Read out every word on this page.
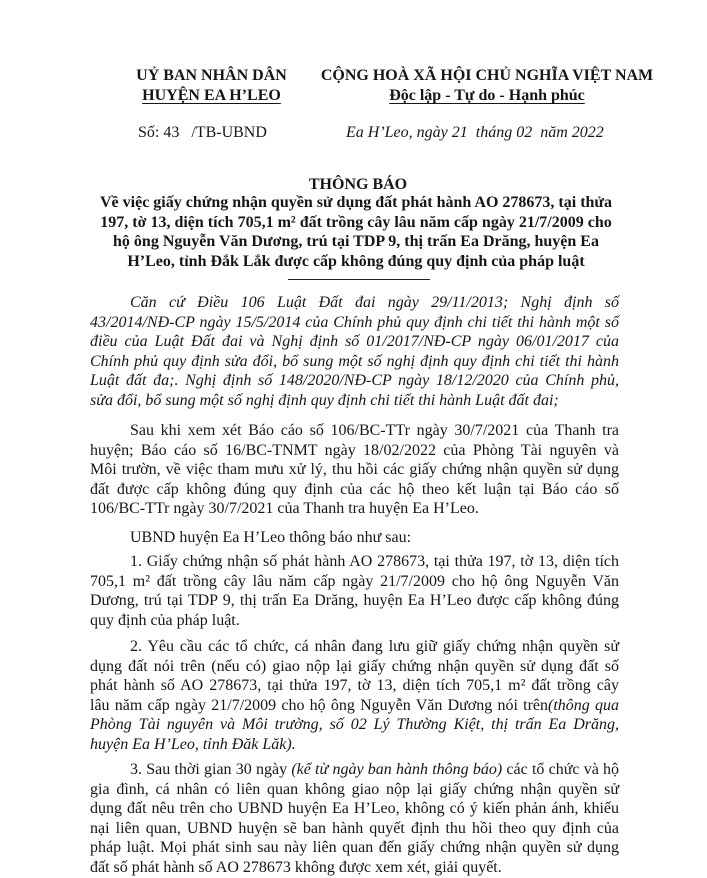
UỶ BAN NHÂN DÂN
HUYỆN EA H’LEO
CỘNG HOÀ XÃ HỘI CHỦ NGHĨA VIỆT NAM
Độc lập - Tự do - Hạnh phúc
Số: 43   /TB-UBND	Ea H’Leo, ngày 21  tháng 02  năm 2022
THÔNG BÁO
Về việc giấy chứng nhận quyền sử dụng đất phát hành AO 278673, tại thửa
197, tờ 13, diện tích 705,1 m² đất trồng cây lâu năm cấp ngày 21/7/2009 cho
hộ ông Nguyễn Văn Dương, trú tại TDP 9, thị trấn Ea Drăng, huyện Ea
H’Leo, tỉnh Đắk Lắk được cấp không đúng quy định của pháp luật
Căn cứ Điều 106 Luật Đất đai ngày 29/11/2013; Nghị định số
43/2014/NĐ-CP ngày 15/5/2014 của Chính phủ quy định chi tiết thi hành một số
điều của Luật Đất đai và Nghị định số 01/2017/NĐ-CP ngày 06/01/2017 của
Chính phủ quy định sửa đổi, bổ sung một số nghị định quy định chi tiết thi hành
Luật đất đa;. Nghị định số 148/2020/NĐ-CP ngày 18/12/2020 của Chính phủ,
sửa đổi, bổ sung một số nghị định quy định chi tiết thi hành Luật đất đai;
Sau khi xem xét Báo cáo số 106/BC-TTr ngày 30/7/2021 của Thanh tra
huyện; Báo cáo số 16/BC-TNMT ngày 18/02/2022 của Phòng Tài nguyên và
Môi trườn, về việc tham mưu xử lý, thu hồi các giấy chứng nhận quyền sử dụng
đất được cấp không đúng quy định của các hộ theo kết luận tại Báo cáo số
106/BC-TTr ngày 30/7/2021 của Thanh tra huyện Ea H’Leo.
UBND huyện Ea H’Leo thông báo như sau:
1. Giấy chứng nhận số phát hành AO 278673, tại thửa 197, tờ 13, diện tích
705,1 m² đất trồng cây lâu năm cấp ngày 21/7/2009 cho hộ ông Nguyễn Văn
Dương, trú tại TDP 9, thị trấn Ea Drăng, huyện Ea H’Leo được cấp không đúng
quy định của pháp luật.
2. Yêu cầu các tổ chức, cá nhân đang lưu giữ giấy chứng nhận quyền sử
dụng đất nói trên (nếu có) giao nộp lại giấy chứng nhận quyền sử dụng đất số
phát hành số AO 278673, tại thửa 197, tờ 13, diện tích 705,1 m² đất trồng cây
lâu năm cấp ngày 21/7/2009 cho hộ ông Nguyễn Văn Dương nói trên(thông qua
Phòng Tài nguyên và Môi trường, số 02 Lý Thường Kiệt, thị trấn Ea Drăng,
huyện Ea H’Leo, tỉnh Đăk Lăk).
3. Sau thời gian 30 ngày (kể từ ngày ban hành thông báo) các tổ chức và hộ
gia đình, cá nhân có liên quan không giao nộp lại giấy chứng nhận quyền sử
dụng đất nêu trên cho UBND huyện Ea H’Leo, không có ý kiến phản ánh, khiếu
nại liên quan, UBND huyện sẽ ban hành quyết định thu hồi theo quy định của
pháp luật. Mọi phát sinh sau này liên quan đến giấy chứng nhận quyền sử dụng
đất số phát hành số AO 278673 không được xem xét, giải quyết.
